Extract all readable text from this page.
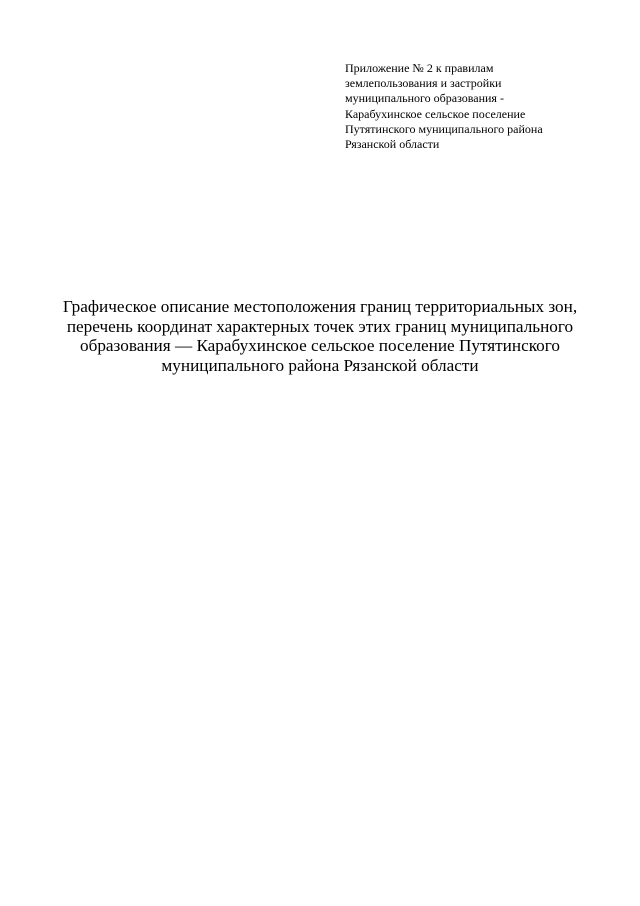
Приложение № 2 к правилам
землепользования и застройки
муниципального образования -
Карабухинское сельское поселение
Путятинского муниципального района
Рязанской области
Графическое описание местоположения границ территориальных зон,
перечень координат характерных точек этих границ муниципального
образования — Карабухинское сельское поселение Путятинского
муниципального района Рязанской области
